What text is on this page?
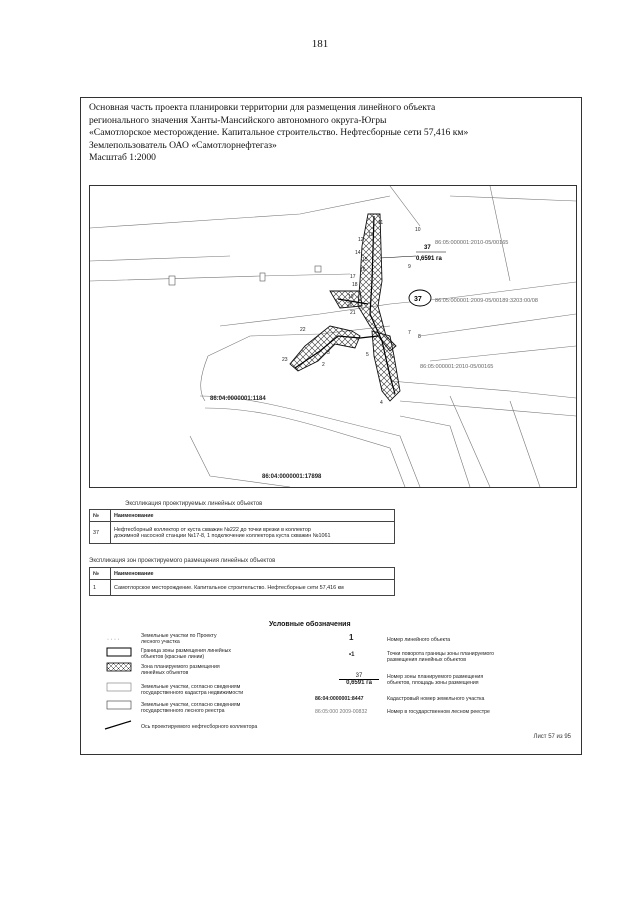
181
Основная часть проекта планировки территории для размещения линейного объекта
регионального значения Ханты-Мансийского автономного округа-Югры
«Самотлорское месторождение. Капитальное строительство. Нефтесборные сети 57,416 км»
Землепользователь ОАО «Самотлорнефтегаз»
Масштаб 1:2000
11
10
13
12
14
15
16
17
18
19
9
20
7
8
21
22
23
2
3
4
5	6
37
0,6591 га
37
86:05:000001:2010-05/00165
86:05:000001:2009-05/00189:3203:00/08
86:05:000001:2010-05/00165
86:04:0000001:1184
86:04:0000001:17898
Экспликация проектируемых линейных объектов
№	Наименование
37	Нефтесборный коллектор от куста скважин №222 до точки врезки в коллектор
дожимной насосной станции №17-8, 1 подключение коллектора куста скважин №1061
Экспликация зон проектируемого размещения линейных объектов
№	Наименование
1	Самотлорское месторождение. Капитальное строительство. Нефтесборные сети 57,416 км
Условные обозначения
· · · ·
Земельные участки по Проекту
лесного участка
Граница зоны размещения линейных
объектов (красные линии)
Зона планируемого размещения
линейных объектов
Земельные участки, согласно сведениям
государственного кадастра недвижимости
Земельные участки, согласно сведениям
государственного лесного реестра
Ось проектируемого нефтесборного коллектора
1	Номер линейного объекта
•1	Точки поворота границы зоны планируемого
размещения линейных объектов
37
0,6591 га
Номер зоны планируемого размещения
объектов, площадь зоны размещения
86:04:0000001:8447	Кадастровый номер земельного участка
86:05:000 2009-00832	Номер в государственном лесном реестре
Лист 57 из 95
